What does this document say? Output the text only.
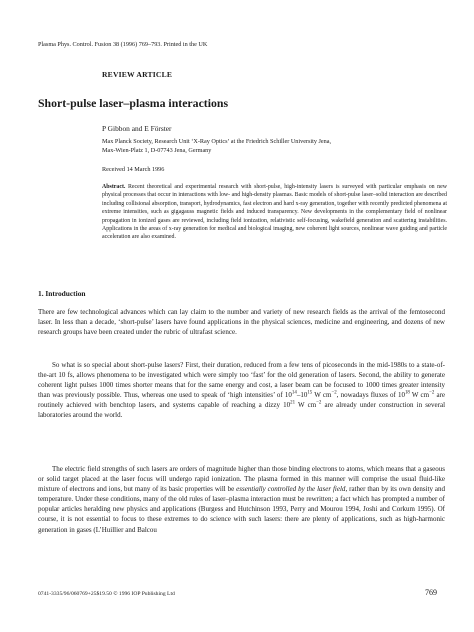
Plasma Phys. Control. Fusion 38 (1996) 769–793. Printed in the UK
REVIEW ARTICLE
Short-pulse laser–plasma interactions
P Gibbon and E Förster
Max Planck Society, Research Unit ‘X-Ray Optics’ at the Friedrich Schiller University Jena,
Max-Wien-Platz 1, D-07743 Jena, Germany
Received 14 March 1996
Abstract. Recent theoretical and experimental research with short-pulse, high-intensity lasers is surveyed with particular emphasis on new physical processes that occur in interactions with low- and high-density plasmas. Basic models of short-pulse laser–solid interaction are described including collisional absorption, transport, hydrodynamics, fast electron and hard x-ray generation, together with recently predicted phenomena at extreme intensities, such as gigagauss magnetic fields and induced transparency. New developments in the complementary field of nonlinear propagation in ionized gases are reviewed, including field ionization, relativistic self-focusing, wakefield generation and scattering instabilities. Applications in the areas of x-ray generation for medical and biological imaging, new coherent light sources, nonlinear wave guiding and particle acceleration are also examined.
1. Introduction
There are few technological advances which can lay claim to the number and variety of new research fields as the arrival of the femtosecond laser. In less than a decade, ‘short-pulse’ lasers have found applications in the physical sciences, medicine and engineering, and dozens of new research groups have been created under the rubric of ultrafast science.
So what is so special about short-pulse lasers? First, their duration, reduced from a few tens of picoseconds in the mid-1980s to a state-of-the-art 10 fs, allows phenomena to be investigated which were simply too ‘fast’ for the old generation of lasers. Second, the ability to generate coherent light pulses 1000 times shorter means that for the same energy and cost, a laser beam can be focused to 1000 times greater intensity than was previously possible. Thus, whereas one used to speak of ‘high intensities’ of $10^{14}-10^{15}$ W $cm^{-2}$, nowadays fluxes of $10^{18}$ W $cm^{-2}$ are routinely achieved with benchtop lasers, and systems capable of reaching a dizzy $10^{21}$ W $cm^{-2}$ are already under construction in several laboratories around the world.
The electric field strengths of such lasers are orders of magnitude higher than those binding electrons to atoms, which means that a gaseous or solid target placed at the laser focus will undergo rapid ionization. The plasma formed in this manner will comprise the usual fluid-like mixture of electrons and ions, but many of its basic properties will be essentially controlled by the laser field, rather than by its own density and temperature. Under these conditions, many of the old rules of laser–plasma interaction must be rewritten; a fact which has prompted a number of popular articles heralding new physics and applications (Burgess and Hutchinson 1993, Perry and Mourou 1994, Joshi and Corkum 1995). Of course, it is not essential to focus to these extremes to do science with such lasers: there are plenty of applications, such as high-harmonic generation in gases (L’Huillier and Balcou
0741-3335/96/060769+25$19.50 © 1996 IOP Publishing Ltd	769
